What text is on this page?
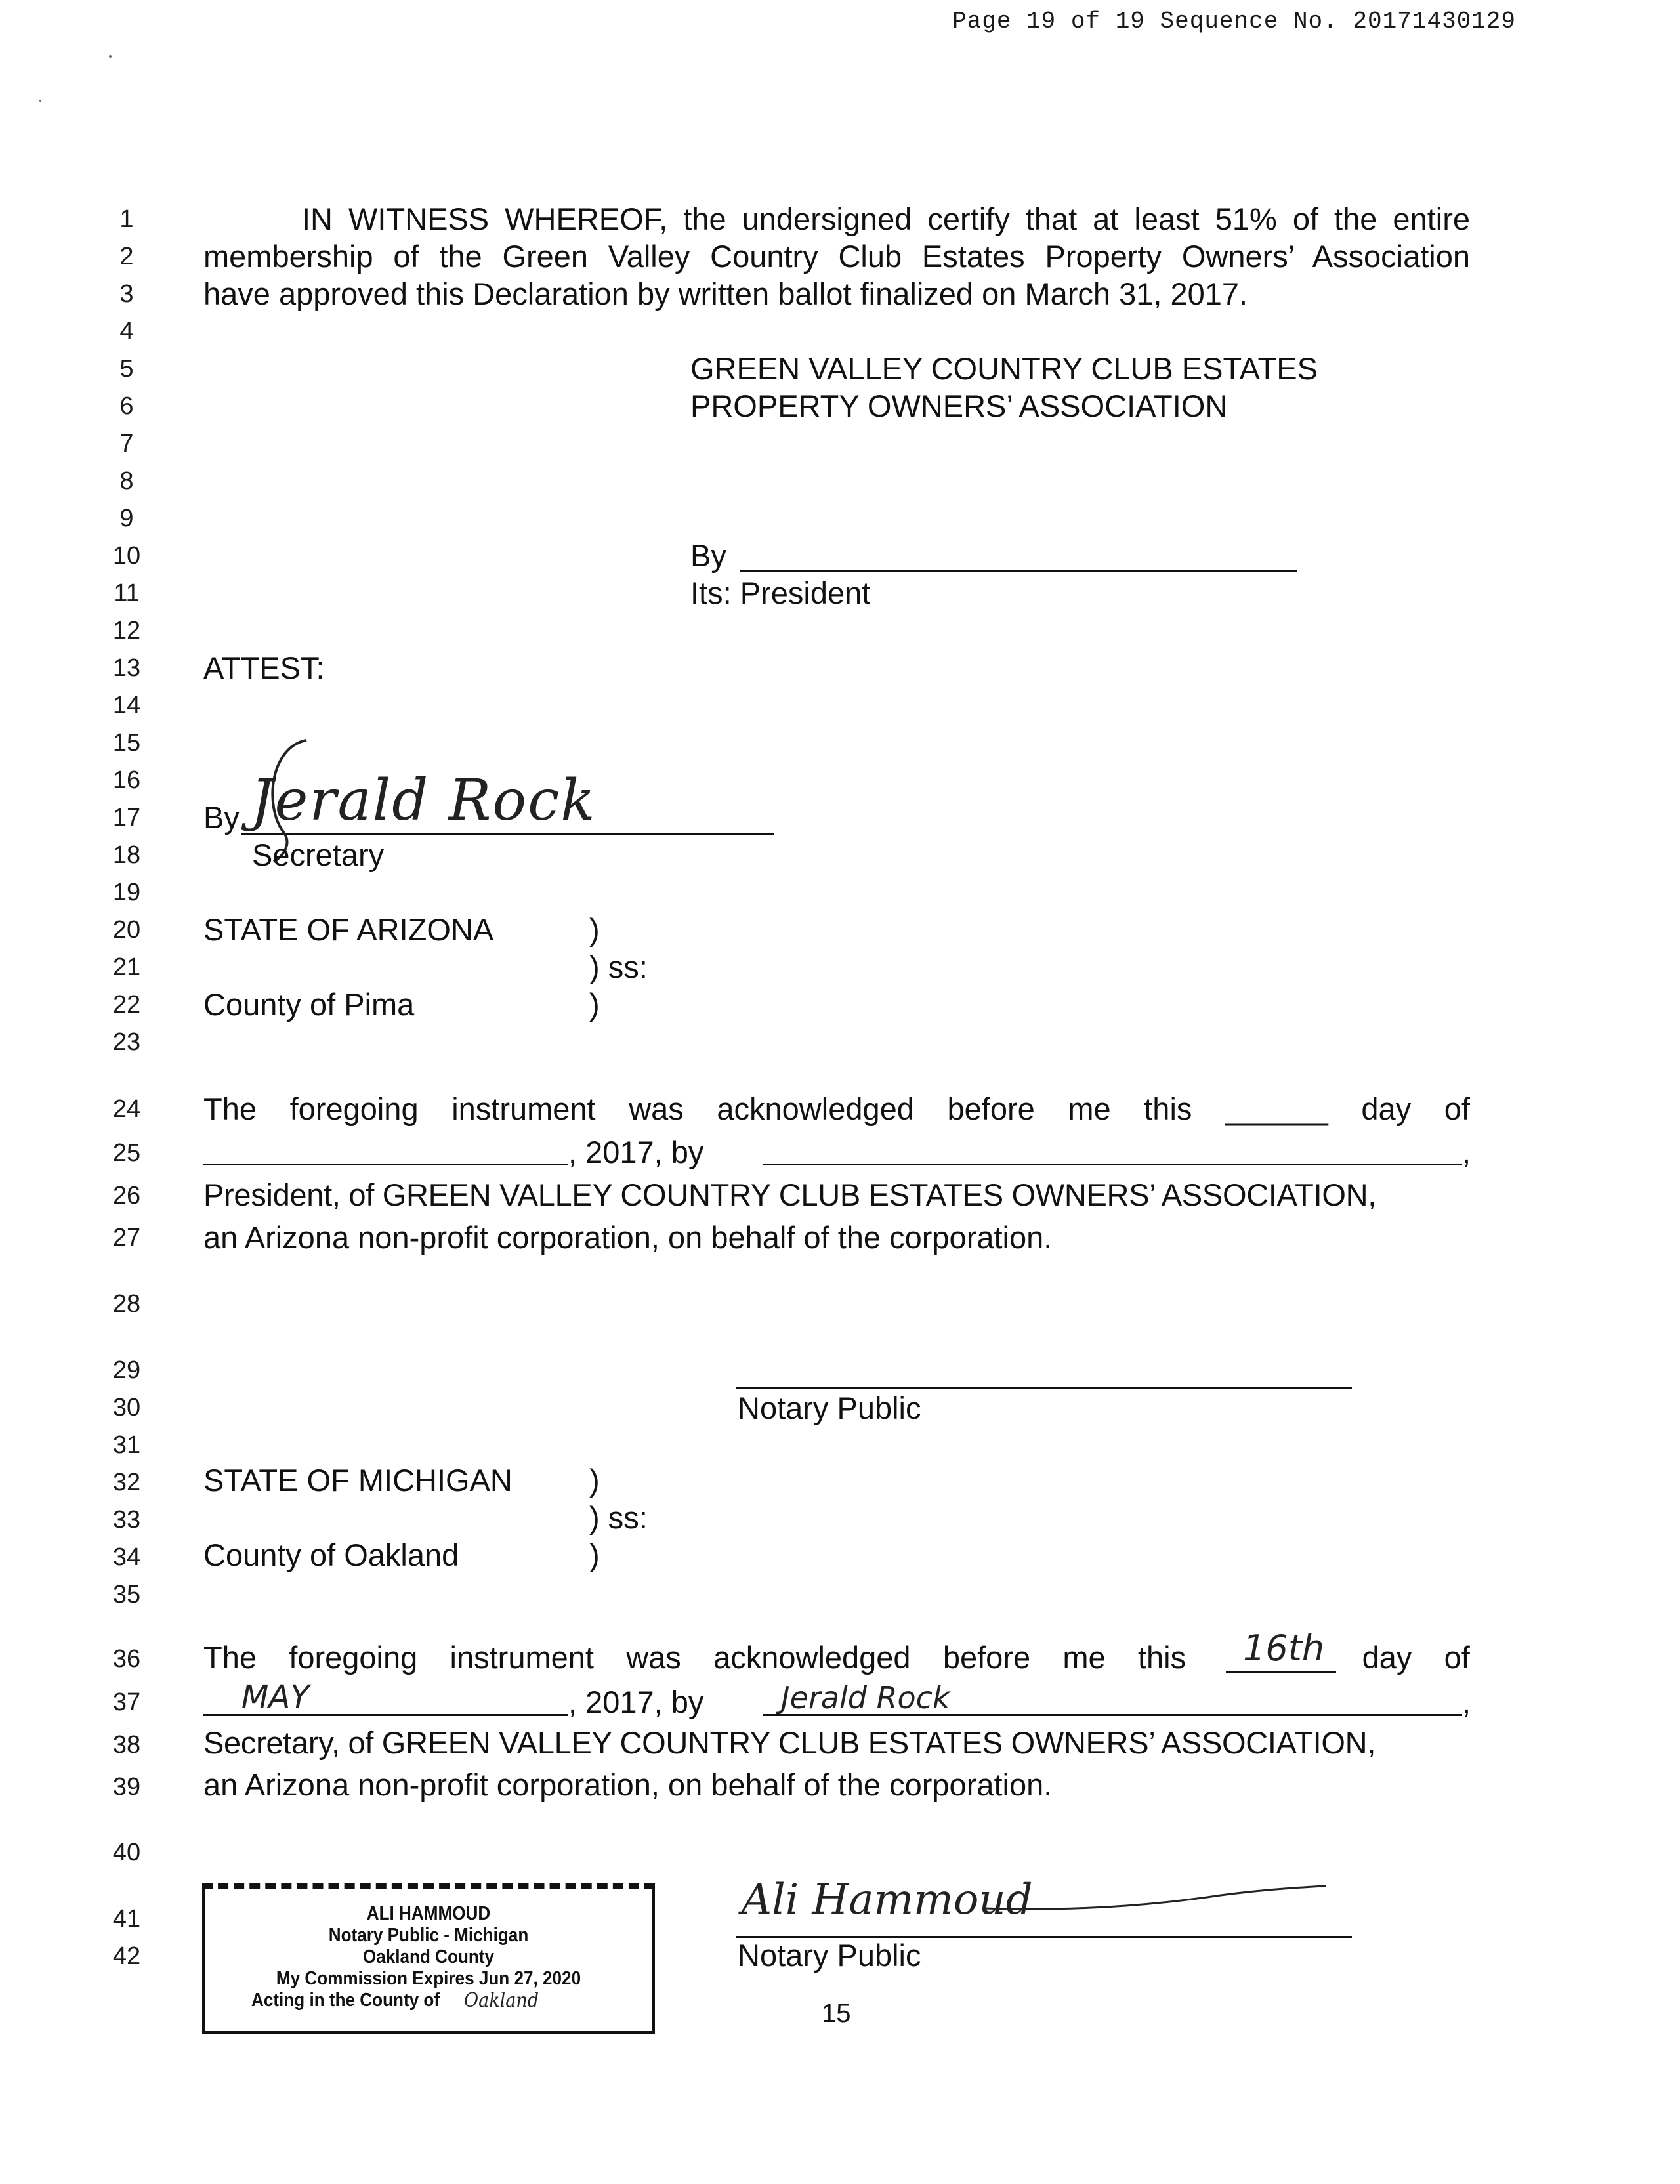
Page 19 of 19 Sequence No. 20171430129
1
2
3
4
5
6
7
8
9
10
11
12
13
14
15
16
17
18
19
20
21
22
23
24
25
26
27
28
29
30
31
32
33
34
35
36
37
38
39
40
41
42
IN WITNESS WHEREOF, the undersigned certify that at least 51% of the entire
membership of the Green Valley Country Club Estates Property Owners’ Association
have approved this Declaration by written ballot finalized on March 31, 2017.
GREEN VALLEY COUNTRY CLUB ESTATES
PROPERTY OWNERS’ ASSOCIATION
By
Its: President
ATTEST:
By Jerald Rock
Secretary
STATE OF ARIZONA	)
) ss:
County of Pima	)
The foregoing instrument was acknowledged before me this ______ day of
, 2017, by	,
President, of GREEN VALLEY COUNTRY CLUB ESTATES OWNERS’ ASSOCIATION,
an Arizona non-profit corporation, on behalf of the corporation.
Notary Public
STATE OF MICHIGAN )
) ss:
County of Oakland	)
The foregoing instrument was acknowledged before me this	day of
16th
MAY	, 2017, by	Jerald Rock	,
Secretary, of GREEN VALLEY COUNTRY CLUB ESTATES OWNERS’ ASSOCIATION,
an Arizona non-profit corporation, on behalf of the corporation.
ALI HAMMOUD
Notary Public - Michigan
Oakland County
My Commission Expires Jun 27, 2020
Acting in the County of Oakland
Ali Hammoud
Notary Public
15
